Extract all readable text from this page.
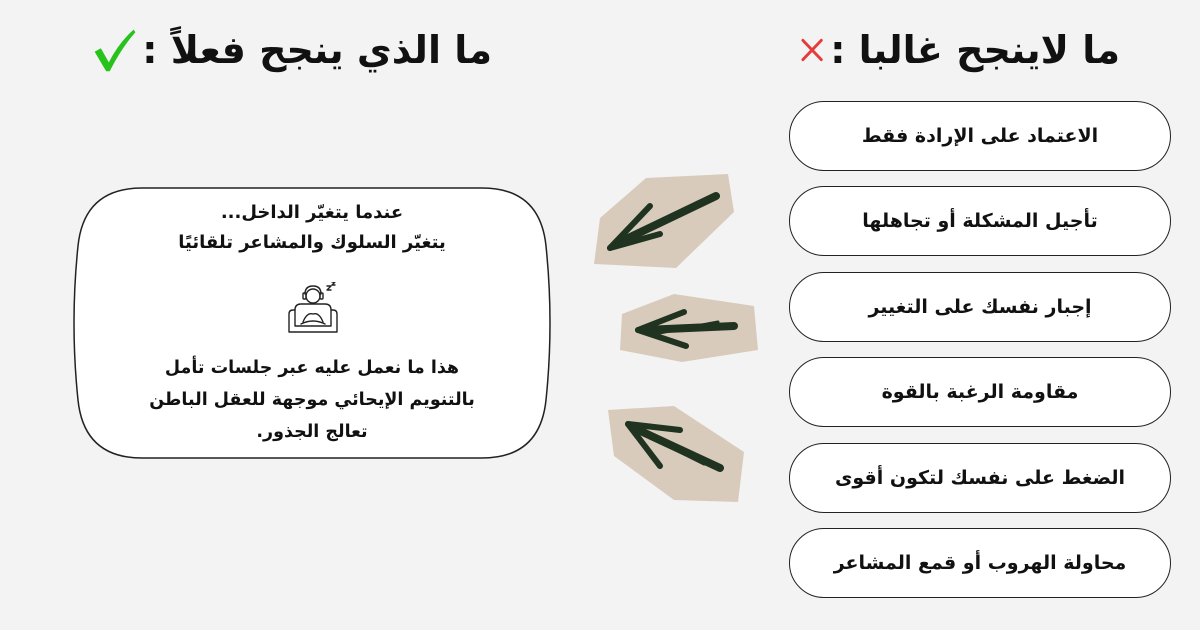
ما الذي ينجح فعلاً :	ما لاينجح غالبا :
الاعتماد على الإرادة فقط
تأجيل المشكلة أو تجاهلها
إجبار نفسك على التغيير
مقاومة الرغبة بالقوة
الضغط على نفسك لتكون أقوى
محاولة الهروب أو قمع المشاعر
عندما يتغيّر الداخل...
يتغيّر السلوك والمشاعر تلقائيًا
هذا ما نعمل عليه عبر جلسات تأمل
بالتنويم الإيحائي موجهة للعقل الباطن
تعالج الجذور.
